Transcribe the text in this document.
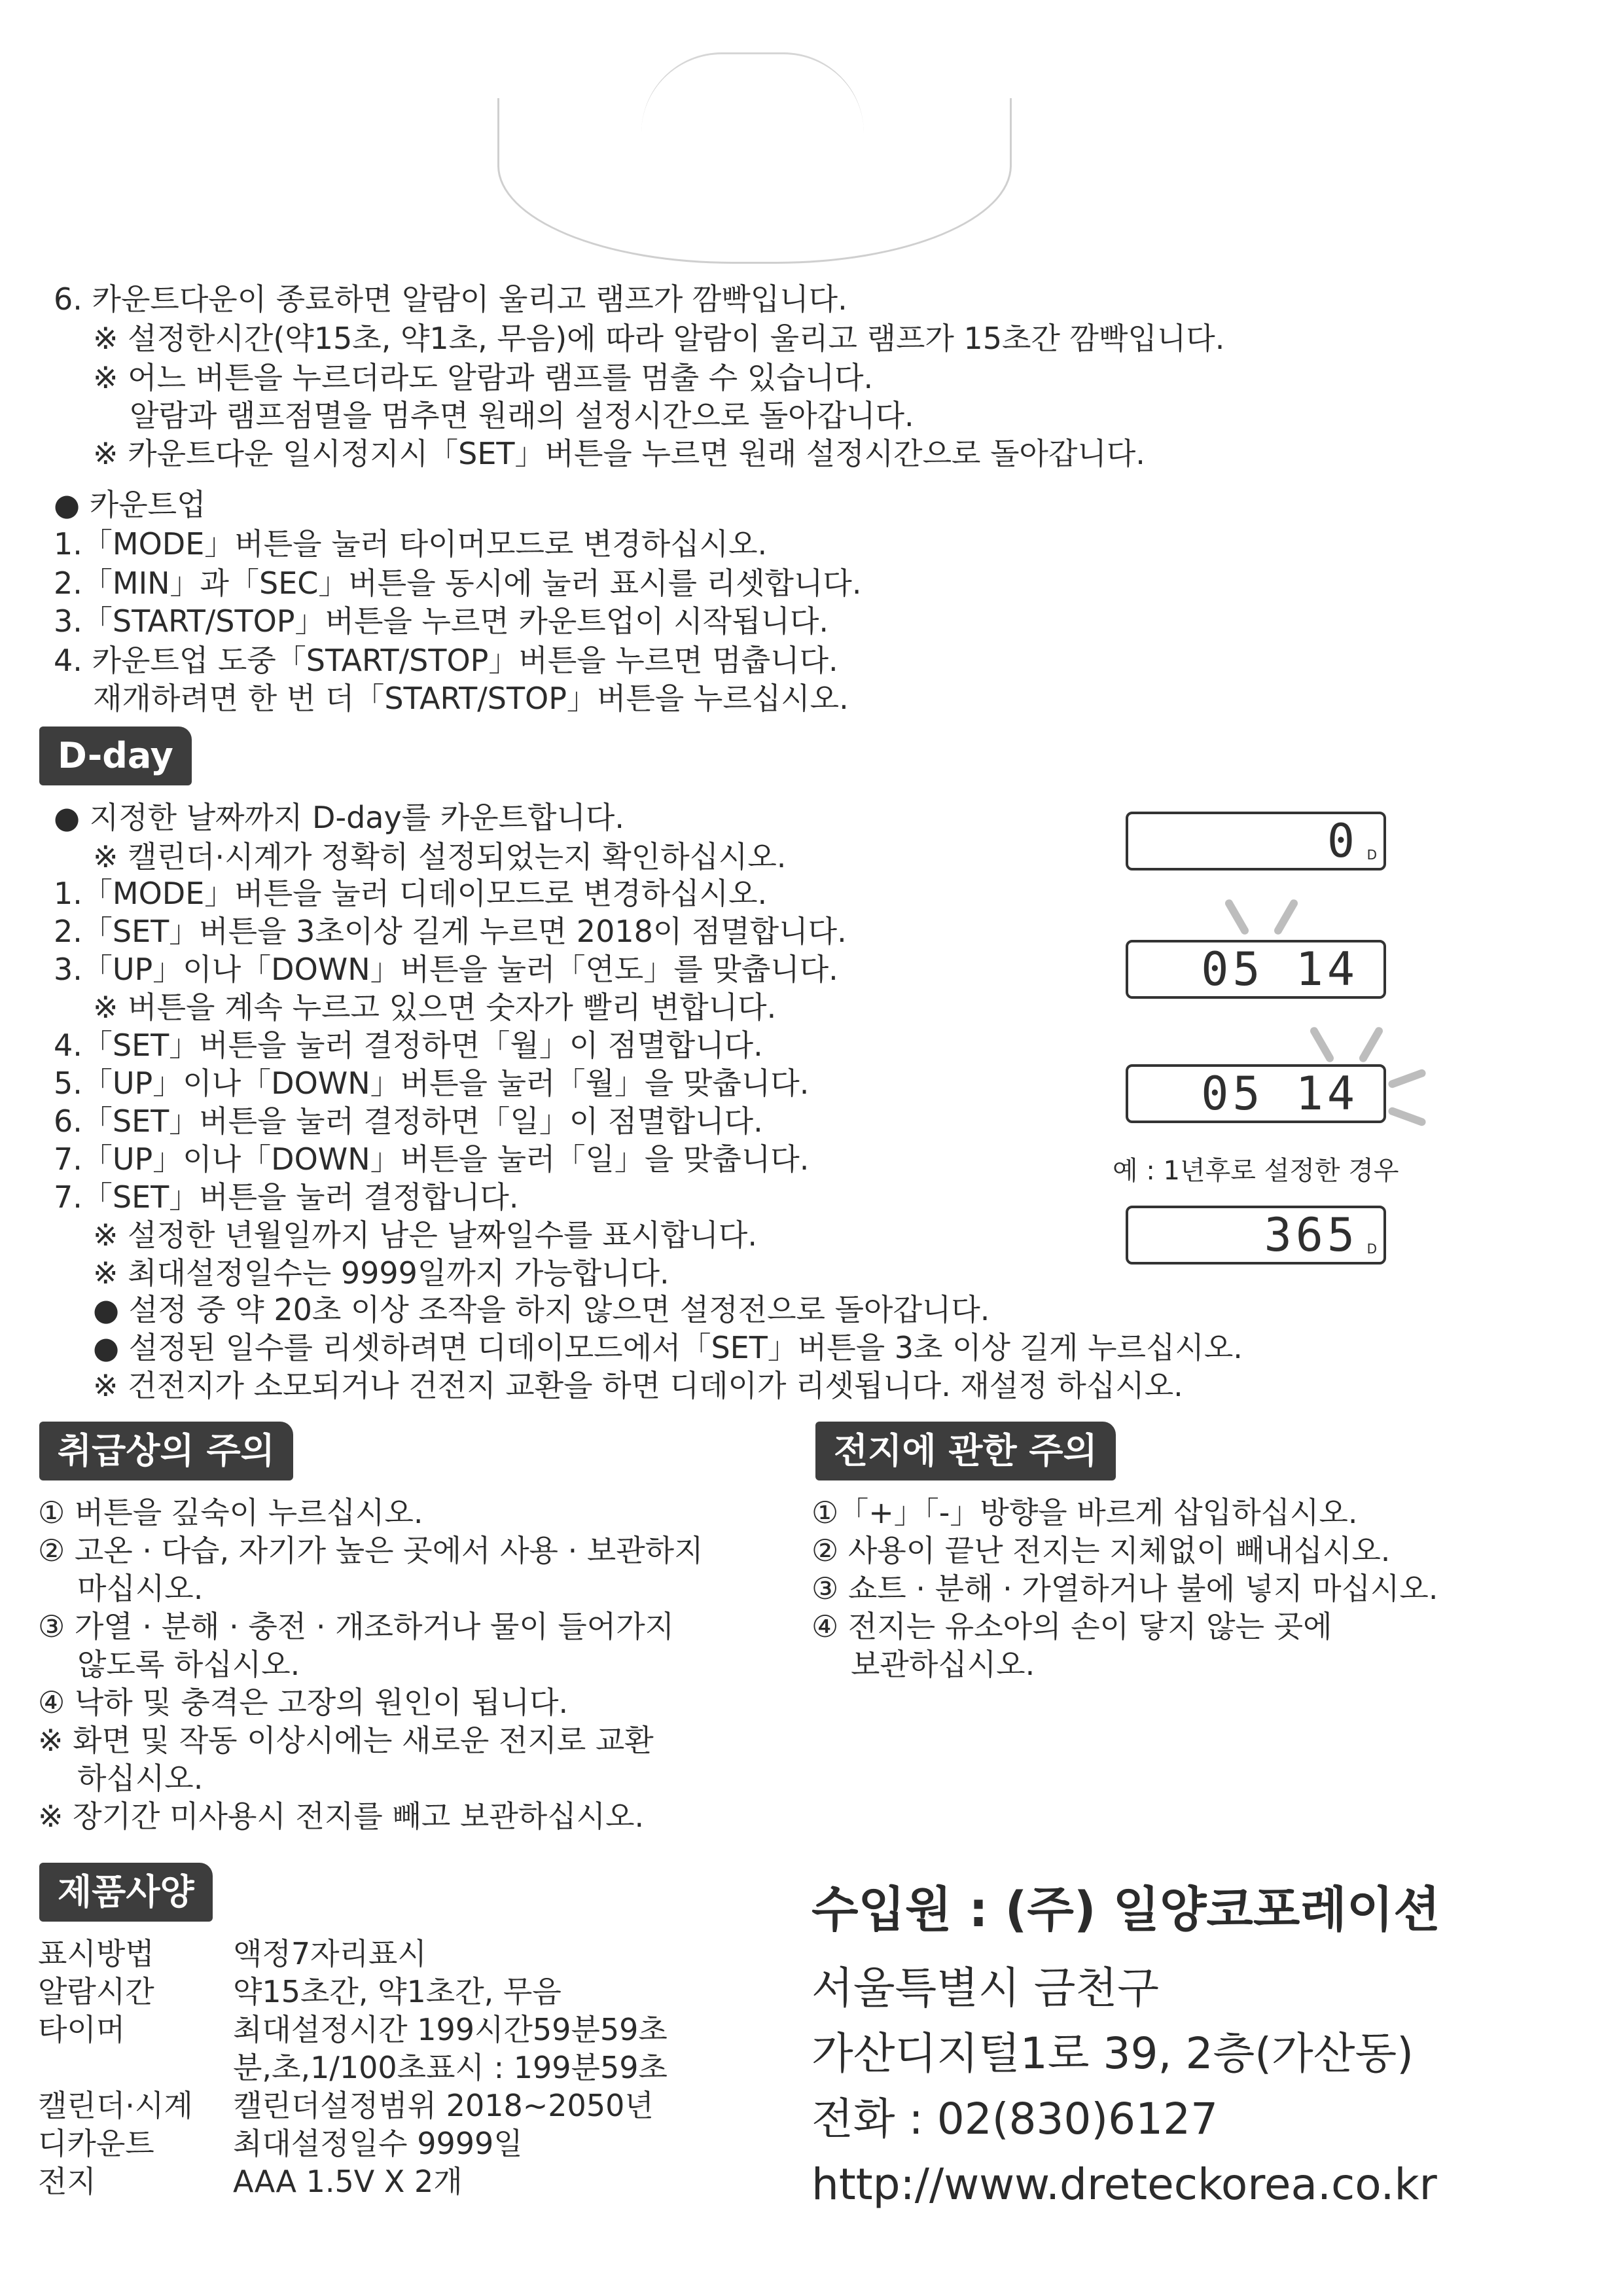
6. 카운트다운이 종료하면 알람이 울리고 램프가 깜빡입니다.
※ 설정한시간(약15초, 약1초, 무음)에 따라 알람이 울리고 램프가 15초간 깜빡입니다.
※ 어느 버튼을 누르더라도 알람과 램프를 멈출 수 있습니다.
알람과 램프점멸을 멈추면 원래의 설정시간으로 돌아갑니다.
※ 카운트다운 일시정지시「SET」버튼을 누르면 원래 설정시간으로 돌아갑니다.
● 카운트업
1.「MODE」버튼을 눌러 타이머모드로 변경하십시오.
2.「MIN」과「SEC」버튼을 동시에 눌러 표시를 리셋합니다.
3.「START/STOP」버튼을 누르면 카운트업이 시작됩니다.
4. 카운트업 도중「START/STOP」버튼을 누르면 멈춥니다.
재개하려면 한 번 더「START/STOP」버튼을 누르십시오.
D-day
● 지정한 날짜까지 D-day를 카운트합니다.
※ 캘린더·시계가 정확히 설정되었는지 확인하십시오.
1.「MODE」버튼을 눌러 디데이모드로 변경하십시오.
2.「SET」버튼을 3초이상 길게 누르면 2018이 점멸합니다.
3.「UP」이나「DOWN」버튼을 눌러「연도」를 맞춥니다.
※ 버튼을 계속 누르고 있으면 숫자가 빨리 변합니다.
4.「SET」버튼을 눌러 결정하면「월」이 점멸합니다.
5.「UP」이나「DOWN」버튼을 눌러「월」을 맞춥니다.
6.「SET」버튼을 눌러 결정하면「일」이 점멸합니다.
7.「UP」이나「DOWN」버튼을 눌러「일」을 맞춥니다.
7.「SET」버튼을 눌러 결정합니다.
※ 설정한 년월일까지 남은 날짜일수를 표시합니다.
※ 최대설정일수는 9999일까지 가능합니다.
● 설정 중 약 20초 이상 조작을 하지 않으면 설정전으로 돌아갑니다.
● 설정된 일수를 리셋하려면 디데이모드에서「SET」버튼을 3초 이상 길게 누르십시오.
※ 건전지가 소모되거나 건전지 교환을 하면 디데이가 리셋됩니다. 재설정 하십시오.
0 D
05 14
05 14
예 : 1년후로 설정한 경우
365 D
취급상의 주의
① 버튼을 깊숙이 누르십시오.
② 고온 · 다습, 자기가 높은 곳에서 사용 · 보관하지
마십시오.
③ 가열 · 분해 · 충전 · 개조하거나 물이 들어가지
않도록 하십시오.
④ 낙하 및 충격은 고장의 원인이 됩니다.
※ 화면 및 작동 이상시에는 새로운 전지로 교환
하십시오.
※ 장기간 미사용시 전지를 빼고 보관하십시오.
전지에 관한 주의
①「+」「-」방향을 바르게 삽입하십시오.
② 사용이 끝난 전지는 지체없이 빼내십시오.
③ 쇼트 · 분해 · 가열하거나 불에 넣지 마십시오.
④ 전지는 유소아의 손이 닿지 않는 곳에
보관하십시오.
제품사양
표시방법	액정7자리표시
알람시간	약15초간, 약1초간, 무음
타이머	최대설정시간 199시간59분59초
분,초,1/100초표시 : 199분59초
캘린더·시계 캘린더설정범위 2018~2050년
디카운트	최대설정일수 9999일
전지	AAA 1.5V X 2개
수입원 : (주) 일양코포레이션
서울특별시 금천구
가산디지털1로 39, 2층(가산동)
전화 : 02(830)6127
http://www.dreteckorea.co.kr
